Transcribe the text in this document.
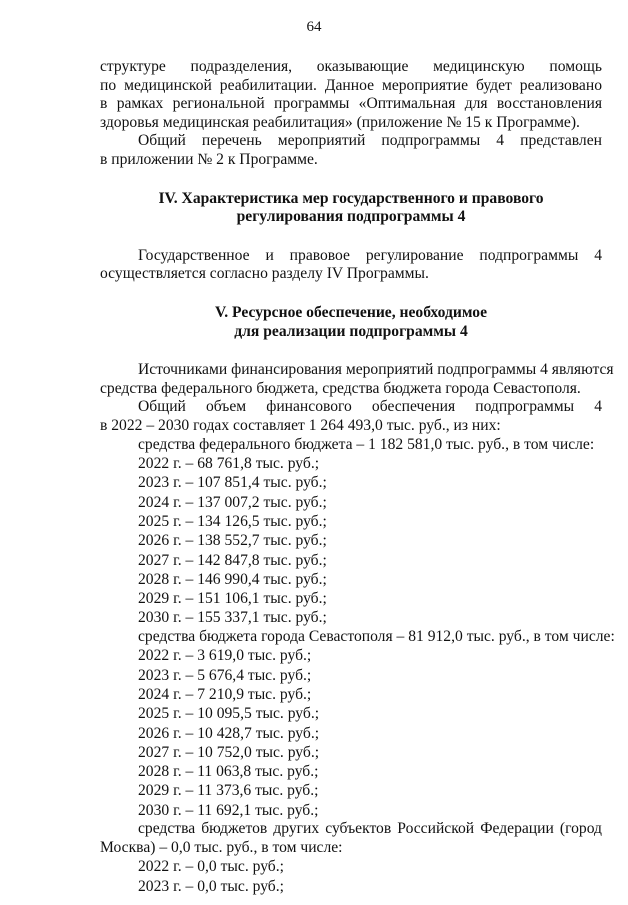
64
структуре подразделения, оказывающие медицинскую помощь
по медицинской реабилитации. Данное мероприятие будет реализовано
в рамках региональной программы «Оптимальная для восстановления
здоровья медицинская реабилитация» (приложение № 15 к Программе).
Общий перечень мероприятий подпрограммы 4 представлен
в приложении № 2 к Программе.
IV. Характеристика мер государственного и правового
регулирования подпрограммы 4
Государственное и правовое регулирование подпрограммы 4
осуществляется согласно разделу IV Программы.
V. Ресурсное обеспечение, необходимое
для реализации подпрограммы 4
Источниками финансирования мероприятий подпрограммы 4 являются
средства федерального бюджета, средства бюджета города Севастополя.
Общий объем финансового обеспечения подпрограммы 4
в 2022 – 2030 годах составляет 1 264 493,0 тыс. руб., из них:
средства федерального бюджета – 1 182 581,0 тыс. руб., в том числе:
2022 г. – 68 761,8 тыс. руб.;
2023 г. – 107 851,4 тыс. руб.;
2024 г. – 137 007,2 тыс. руб.;
2025 г. – 134 126,5 тыс. руб.;
2026 г. – 138 552,7 тыс. руб.;
2027 г. – 142 847,8 тыс. руб.;
2028 г. – 146 990,4 тыс. руб.;
2029 г. – 151 106,1 тыс. руб.;
2030 г. – 155 337,1 тыс. руб.;
средства бюджета города Севастополя – 81 912,0 тыс. руб., в том числе:
2022 г. – 3 619,0 тыс. руб.;
2023 г. – 5 676,4 тыс. руб.;
2024 г. – 7 210,9 тыс. руб.;
2025 г. – 10 095,5 тыс. руб.;
2026 г. – 10 428,7 тыс. руб.;
2027 г. – 10 752,0 тыс. руб.;
2028 г. – 11 063,8 тыс. руб.;
2029 г. – 11 373,6 тыс. руб.;
2030 г. – 11 692,1 тыс. руб.;
средства бюджетов других субъектов Российской Федерации (город
Москва) – 0,0 тыс. руб., в том числе:
2022 г. – 0,0 тыс. руб.;
2023 г. – 0,0 тыс. руб.;
